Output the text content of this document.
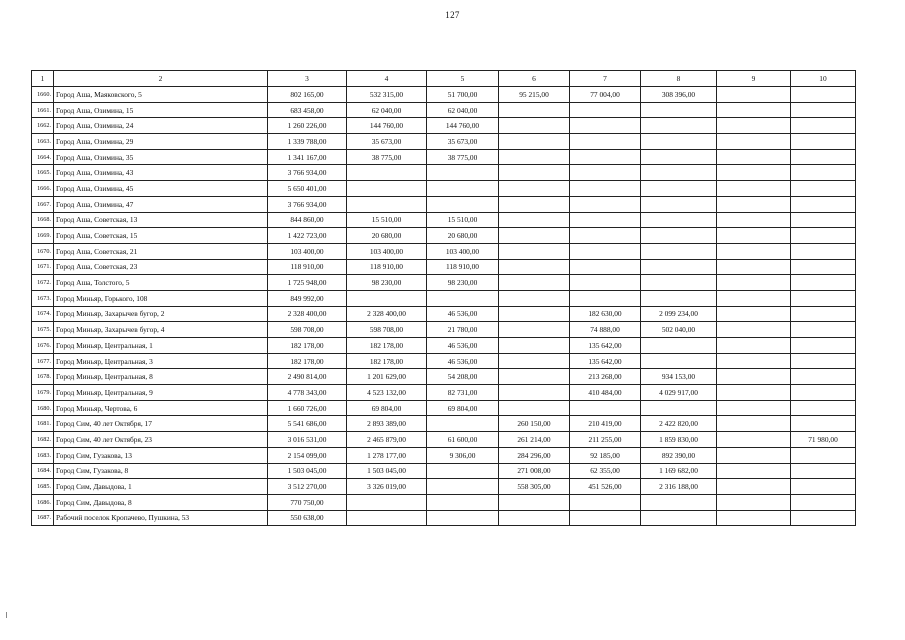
127
1	2	3	4	5	6	7	8	9	10
1660.	Город Аша, Маяковского, 5	802 165,00	532 315,00	51 700,00	95 215,00	77 004,00	308 396,00		
1661.	Город Аша, Озимина, 15	683 458,00	62 040,00	62 040,00					
1662.	Город Аша, Озимина, 24	1 260 226,00	144 760,00	144 760,00					
1663.	Город Аша, Озимина, 29	1 339 788,00	35 673,00	35 673,00					
1664.	Город Аша, Озимина, 35	1 341 167,00	38 775,00	38 775,00					
1665.	Город Аша, Озимина, 43	3 766 934,00							
1666.	Город Аша, Озимина, 45	5 650 401,00							
1667.	Город Аша, Озимина, 47	3 766 934,00							
1668.	Город Аша, Советская, 13	844 860,00	15 510,00	15 510,00					
1669.	Город Аша, Советская, 15	1 422 723,00	20 680,00	20 680,00					
1670.	Город Аша, Советская, 21	103 400,00	103 400,00	103 400,00					
1671.	Город Аша, Советская, 23	118 910,00	118 910,00	118 910,00					
1672.	Город Аша, Толстого, 5	1 725 948,00	98 230,00	98 230,00					
1673.	Город Миньяр, Горького, 108	849 992,00							
1674.	Город Миньяр, Захарычев бугор, 2	2 328 400,00	2 328 400,00	46 536,00		182 630,00	2 099 234,00		
1675.	Город Миньяр, Захарычев бугор, 4	598 708,00	598 708,00	21 780,00		74 888,00	502 040,00		
1676.	Город Миньяр, Центральная, 1	182 178,00	182 178,00	46 536,00		135 642,00			
1677.	Город Миньяр, Центральная, 3	182 178,00	182 178,00	46 536,00		135 642,00			
1678.	Город Миньяр, Центральная, 8	2 490 814,00	1 201 629,00	54 208,00		213 268,00	934 153,00		
1679.	Город Миньяр, Центральная, 9	4 778 343,00	4 523 132,00	82 731,00		410 484,00	4 029 917,00		
1680.	Город Миньяр, Чертова, 6	1 660 726,00	69 804,00	69 804,00					
1681.	Город Сим, 40 лет Октября, 17	5 541 686,00	2 893 389,00		260 150,00	210 419,00	2 422 820,00		
1682.	Город Сим, 40 лет Октября, 23	3 016 531,00	2 465 879,00	61 600,00	261 214,00	211 255,00	1 859 830,00		71 980,00
1683.	Город Сим, Гузакова, 13	2 154 099,00	1 278 177,00	9 306,00	284 296,00	92 185,00	892 390,00		
1684.	Город Сим, Гузакова, 8	1 503 045,00	1 503 045,00		271 008,00	62 355,00	1 169 682,00		
1685.	Город Сим, Давыдова, 1	3 512 270,00	3 326 019,00		558 305,00	451 526,00	2 316 188,00		
1686.	Город Сим, Давыдова, 8	770 750,00							
1687.	Рабочий поселок Кропачево, Пушкина, 53	550 638,00							
